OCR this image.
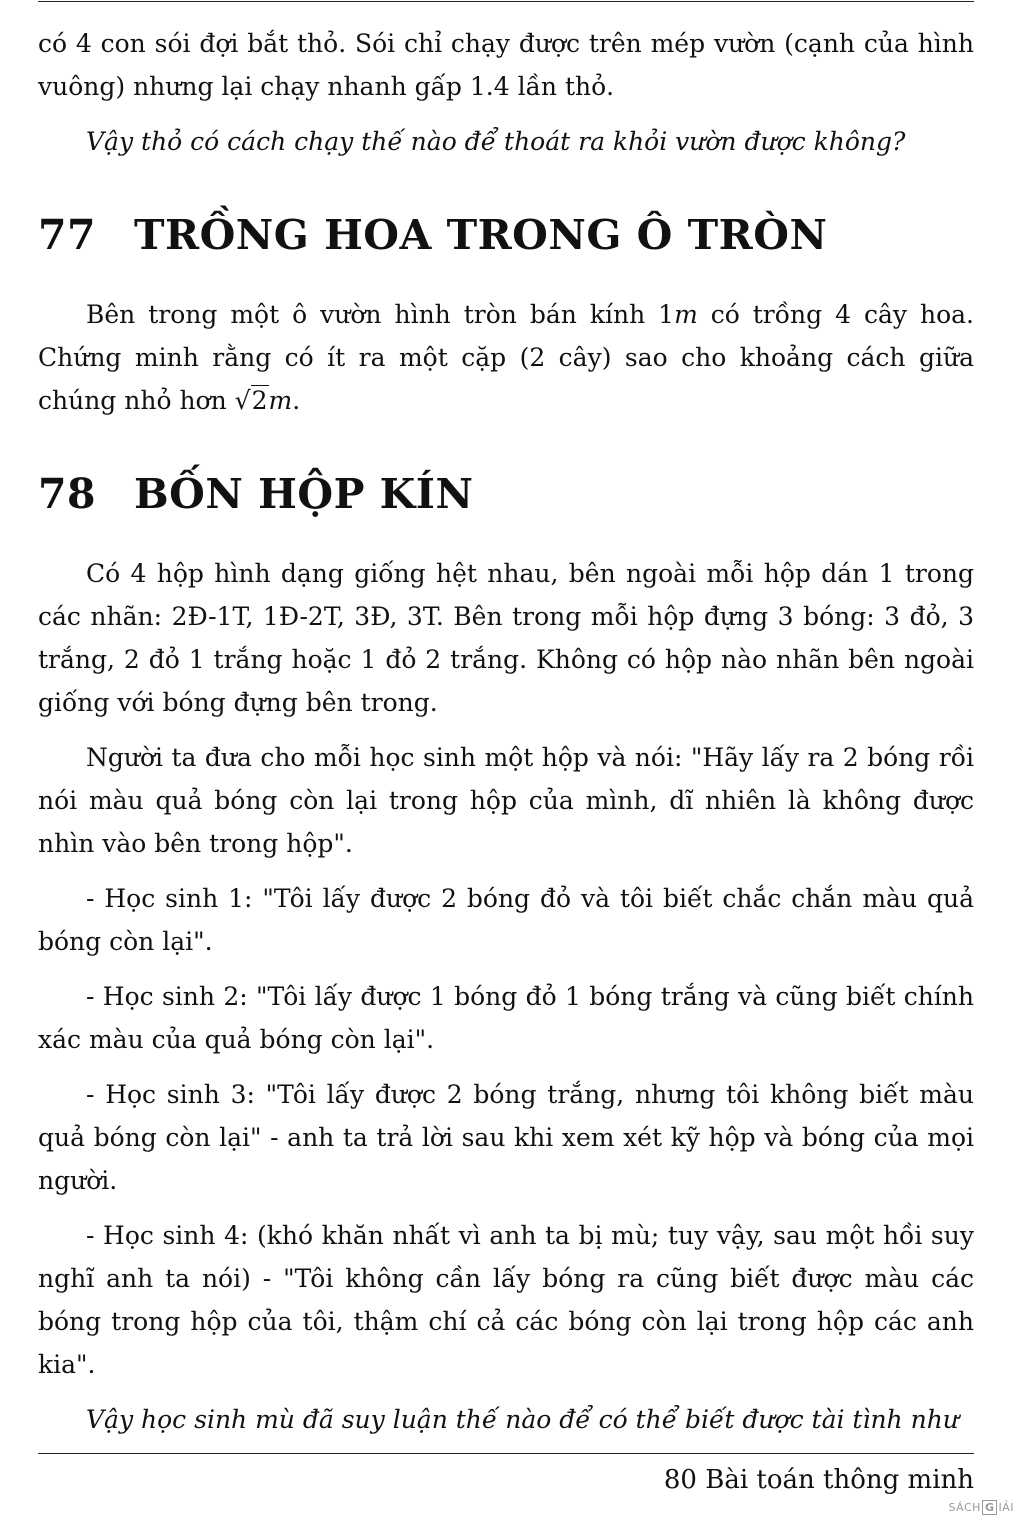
có 4 con sói đợi bắt thỏ. Sói chỉ chạy được trên mép vườn (cạnh của hình vuông) nhưng lại chạy nhanh gấp 1.4 lần thỏ.

Vậy thỏ có cách chạy thế nào để thoát ra khỏi vườn được không?

77 TRỒNG HOA TRONG Ô TRÒN

Bên trong một ô vườn hình tròn bán kính 1m có trồng 4 cây hoa. Chứng minh rằng có ít ra một cặp (2 cây) sao cho khoảng cách giữa chúng nhỏ hơn √2m.

78 BỐN HỘP KÍN

Có 4 hộp hình dạng giống hệt nhau, bên ngoài mỗi hộp dán 1 trong các nhãn: 2Đ-1T, 1Đ-2T, 3Đ, 3T. Bên trong mỗi hộp đựng 3 bóng: 3 đỏ, 3 trắng, 2 đỏ 1 trắng hoặc 1 đỏ 2 trắng. Không có hộp nào nhãn bên ngoài giống với bóng đựng bên trong.

Người ta đưa cho mỗi học sinh một hộp và nói: "Hãy lấy ra 2 bóng rồi nói màu quả bóng còn lại trong hộp của mình, dĩ nhiên là không được nhìn vào bên trong hộp".

- Học sinh 1: "Tôi lấy được 2 bóng đỏ và tôi biết chắc chắn màu quả bóng còn lại".

- Học sinh 2: "Tôi lấy được 1 bóng đỏ 1 bóng trắng và cũng biết chính xác màu của quả bóng còn lại".

- Học sinh 3: "Tôi lấy được 2 bóng trắng, nhưng tôi không biết màu quả bóng còn lại" - anh ta trả lời sau khi xem xét kỹ hộp và bóng của mọi người.

- Học sinh 4: (khó khăn nhất vì anh ta bị mù; tuy vậy, sau một hồi suy nghĩ anh ta nói) - "Tôi không cần lấy bóng ra cũng biết được màu các bóng trong hộp của tôi, thậm chí cả các bóng còn lại trong hộp các anh kia".

Vậy học sinh mù đã suy luận thế nào để có thể biết được tài tình như

80 Bài toán thông minh
SÁCH G IẢI
